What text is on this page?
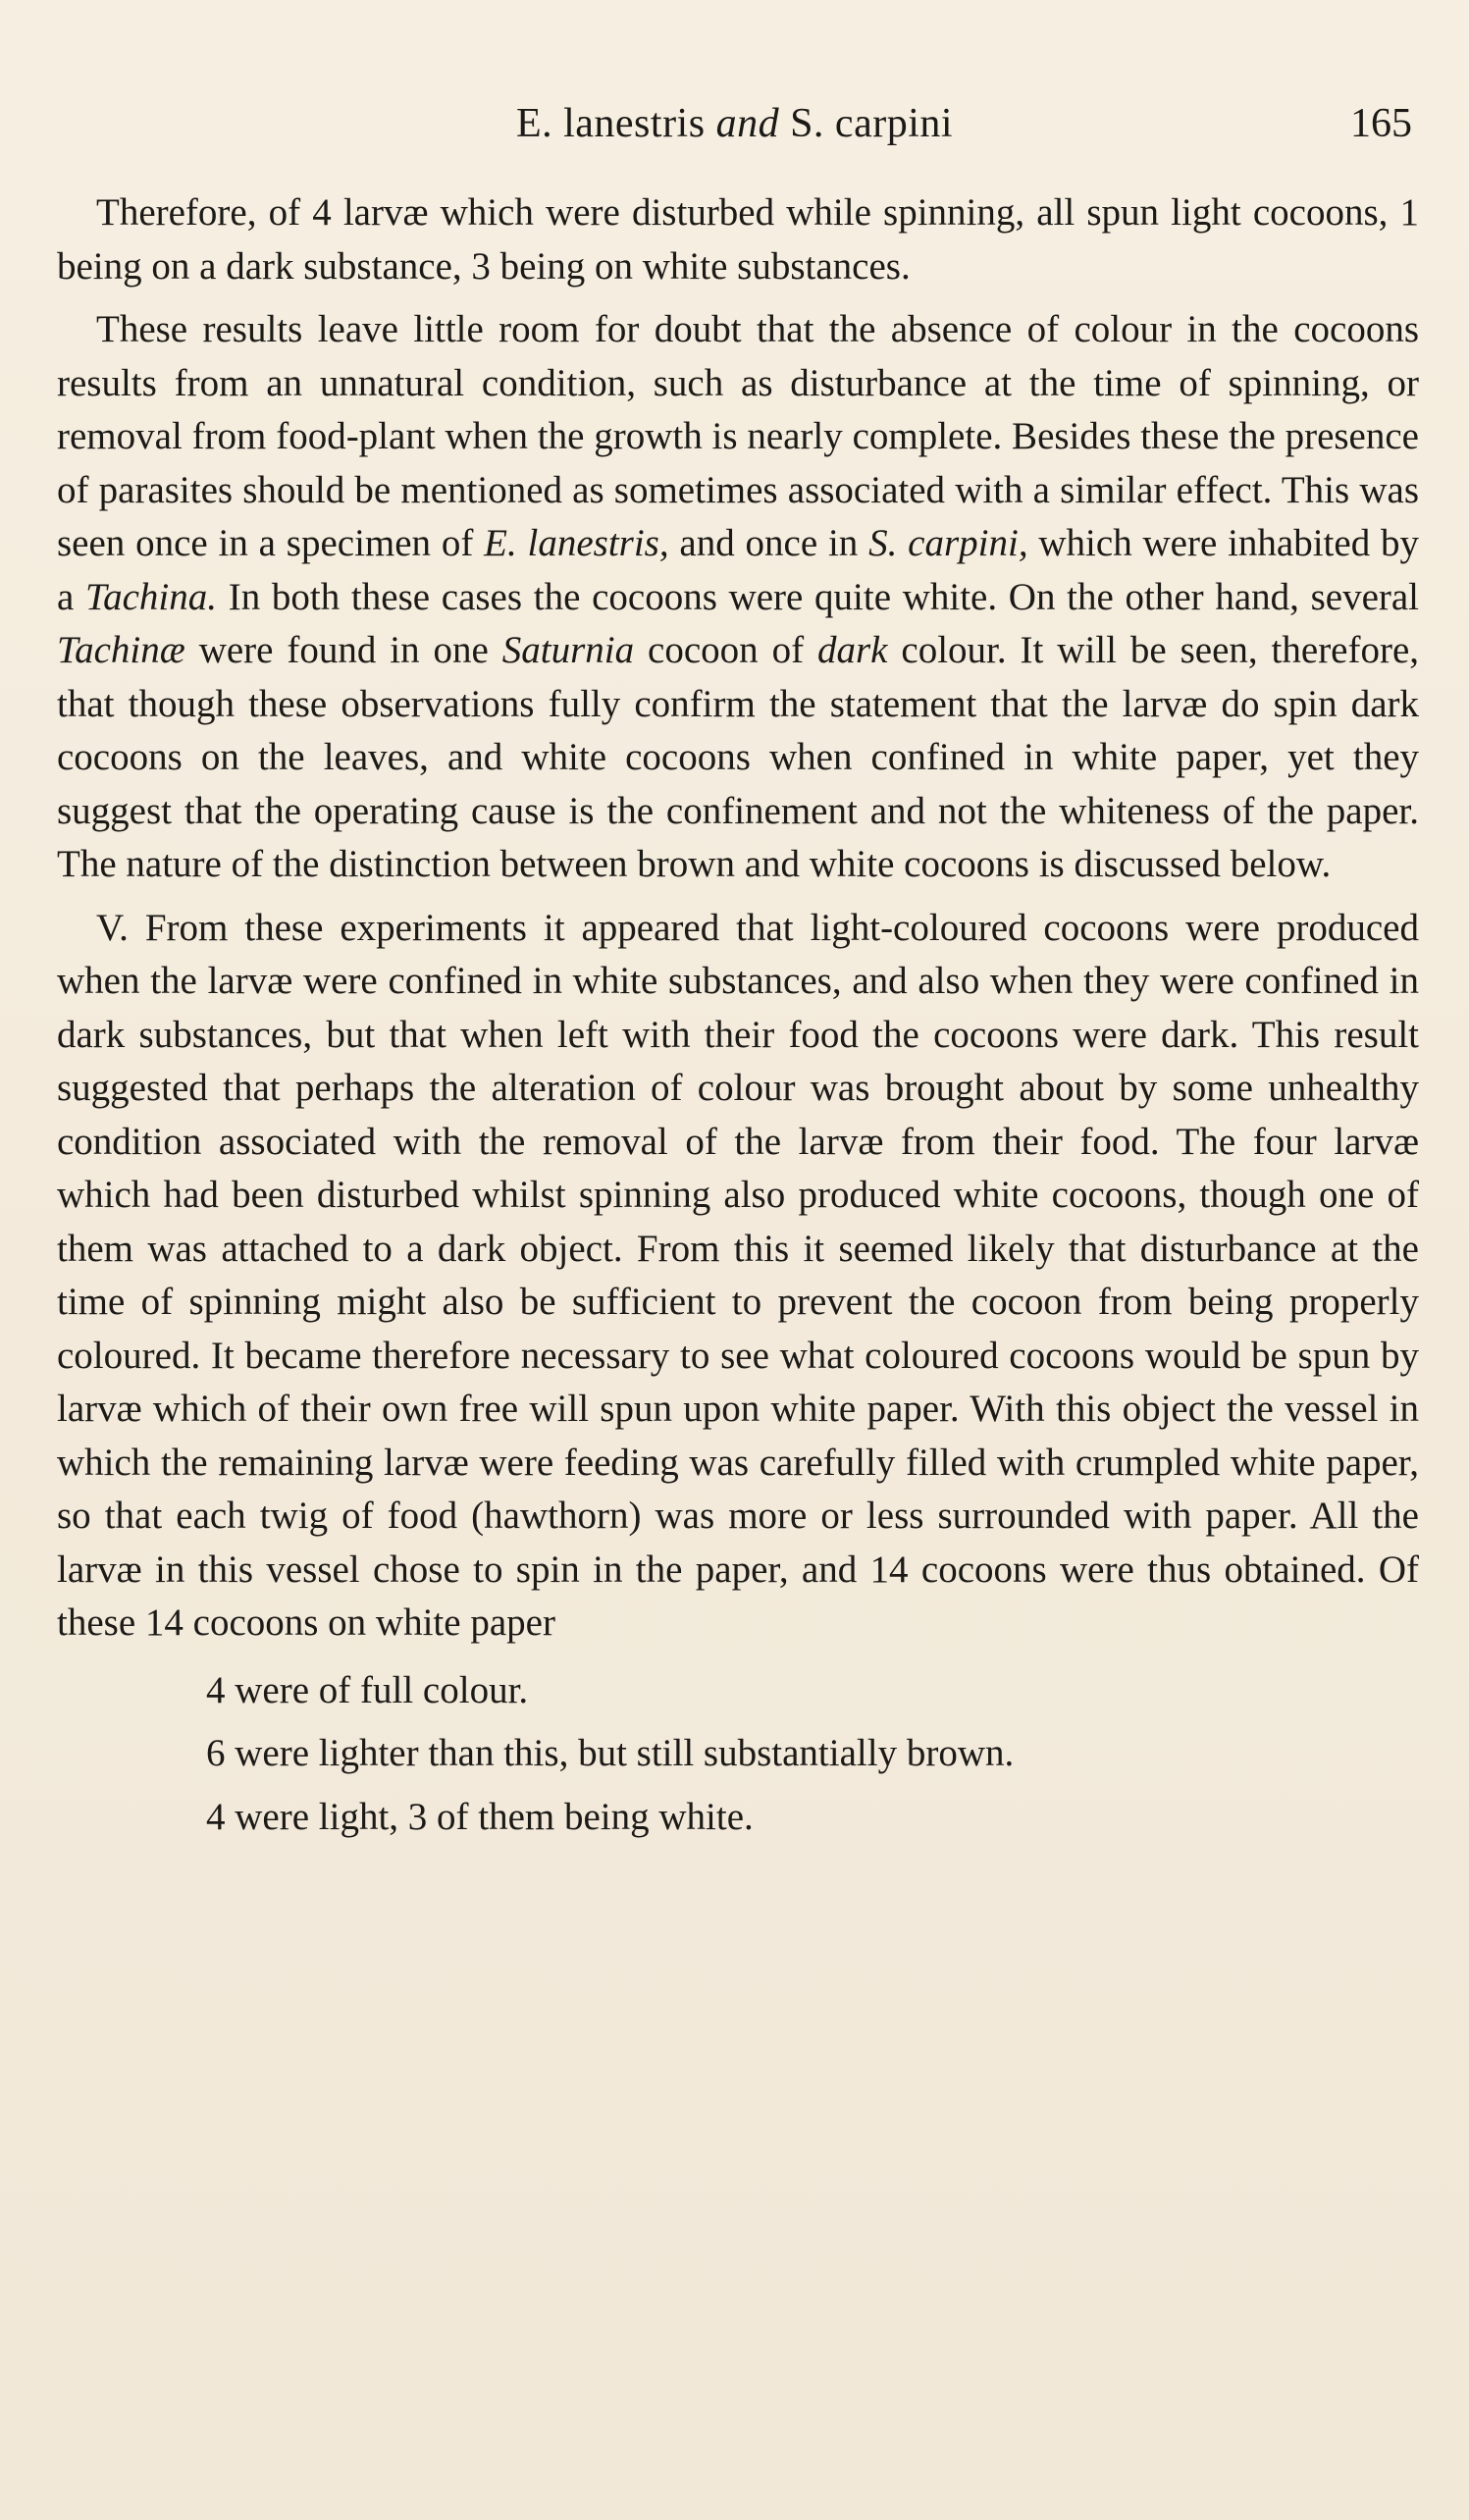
E. lanestris and S. carpini	165

Therefore, of 4 larvæ which were disturbed while spinning, all spun light cocoons, 1 being on a dark substance, 3 being on white substances.

These results leave little room for doubt that the absence of colour in the cocoons results from an unnatural condition, such as disturbance at the time of spinning, or removal from food-plant when the growth is nearly complete. Besides these the presence of parasites should be mentioned as sometimes associated with a similar effect. This was seen once in a specimen of E. lanestris, and once in S. carpini, which were inhabited by a Tachina. In both these cases the cocoons were quite white. On the other hand, several Tachinæ were found in one Saturnia cocoon of dark colour. It will be seen, therefore, that though these observations fully confirm the statement that the larvæ do spin dark cocoons on the leaves, and white cocoons when confined in white paper, yet they suggest that the operating cause is the confinement and not the whiteness of the paper. The nature of the distinction between brown and white cocoons is discussed below.

V. From these experiments it appeared that light-coloured cocoons were produced when the larvæ were confined in white substances, and also when they were confined in dark substances, but that when left with their food the cocoons were dark. This result suggested that perhaps the alteration of colour was brought about by some unhealthy condition associated with the removal of the larvæ from their food. The four larvæ which had been disturbed whilst spinning also produced white cocoons, though one of them was attached to a dark object. From this it seemed likely that disturbance at the time of spinning might also be sufficient to prevent the cocoon from being properly coloured. It became therefore necessary to see what coloured cocoons would be spun by larvæ which of their own free will spun upon white paper. With this object the vessel in which the remaining larvæ were feeding was carefully filled with crumpled white paper, so that each twig of food (hawthorn) was more or less surrounded with paper. All the larvæ in this vessel chose to spin in the paper, and 14 cocoons were thus obtained. Of these 14 cocoons on white paper

4 were of full colour.
6 were lighter than this, but still substantially brown.
4 were light, 3 of them being white.
